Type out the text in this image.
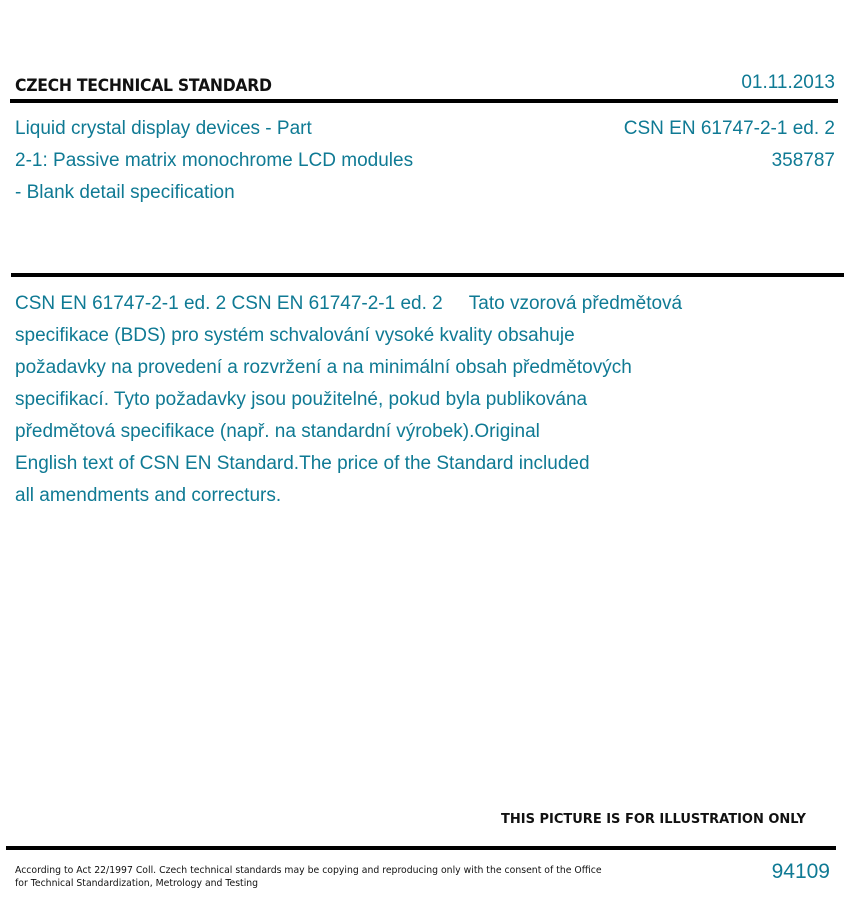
CZECH TECHNICAL STANDARD	01.11.2013
Liquid crystal display devices - Part
2-1: Passive matrix monochrome LCD modules
- Blank detail specification
CSN EN 61747-2-1 ed. 2
358787
CSN EN 61747-2-1 ed. 2 CSN EN 61747-2-1 ed. 2     Tato vzorová předmětová
specifikace (BDS) pro systém schvalování vysoké kvality obsahuje
požadavky na provedení a rozvržení a na minimální obsah předmětových
specifikací. Tyto požadavky jsou použitelné, pokud byla publikována
předmětová specifikace (např. na standardní výrobek).Original
English text of CSN EN Standard.The price of the Standard included
all amendments and correcturs.
THIS PICTURE IS FOR ILLUSTRATION ONLY
According to Act 22/1997 Coll. Czech technical standards may be copying and reproducing only with the consent of the Office
for Technical Standardization, Metrology and Testing
94109
